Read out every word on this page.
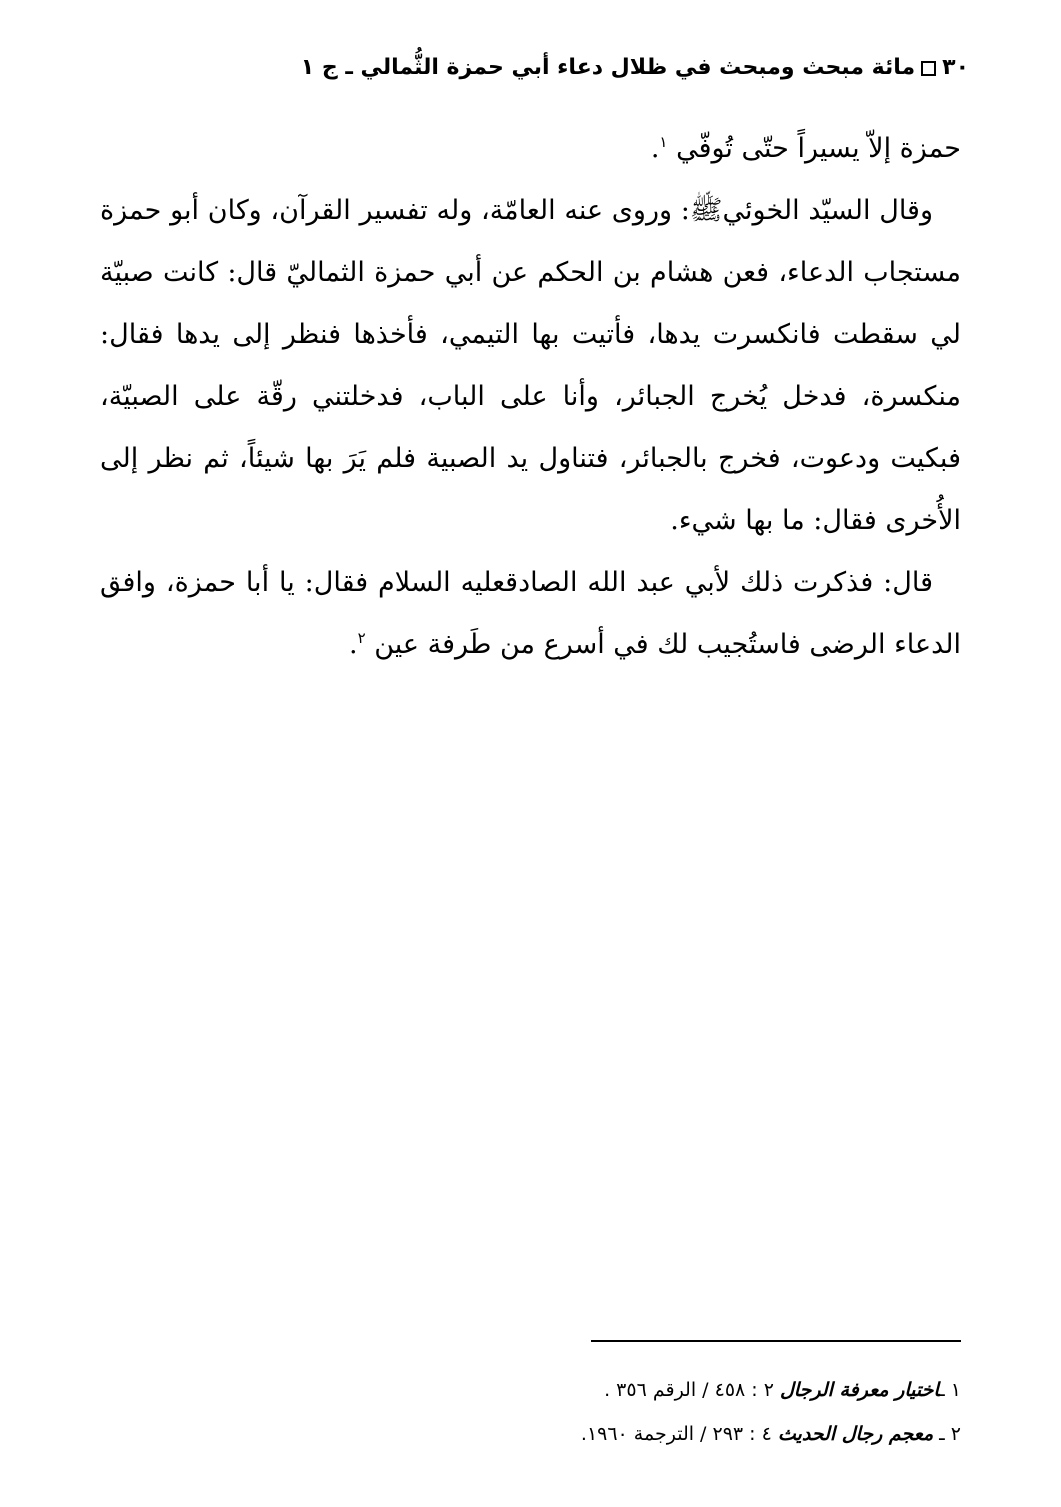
٣٠مائة مبحث ومبحث في ظلال دعاء أبي حمزة الثُّمالي ـ ج ١

حمزة إلاّ يسيراً حتّى تُوفّي $^١$.

وقال السيّد الخوئيﷺ: وروى عنه العامّة، وله تفسير القرآن، وكان أبو حمزة مستجاب الدعاء، فعن هشام بن الحكم عن أبي حمزة الثماليّ قال: كانت صبيّة لي سقطت فانكسرت يدها، فأتيت بها التيمي، فأخذها فنظر إلى يدها فقال: منكسرة، فدخل يُخرج الجبائر، وأنا على الباب، فدخلتني رقّة على الصبيّة، فبكيت ودعوت، فخرج بالجبائر، فتناول يد الصبية فلم يَرَ بها شيئاً، ثم نظر إلى الأُخرى فقال: ما بها شيء.

قال: فذكرت ذلك لأبي عبد الله الصادقعليه السلام فقال: يا أبا حمزة، وافق الدعاء الرضى فاستُجيب لك في أسرع من طَرفة عين $^٢$.

١ ـاختيار معرفة الرجال ٢ : ٤٥٨ / الرقم ٣٥٦ .
٢ ـ معجم رجال الحديث ٤ : ٢٩٣ / الترجمة ١٩٦٠.
